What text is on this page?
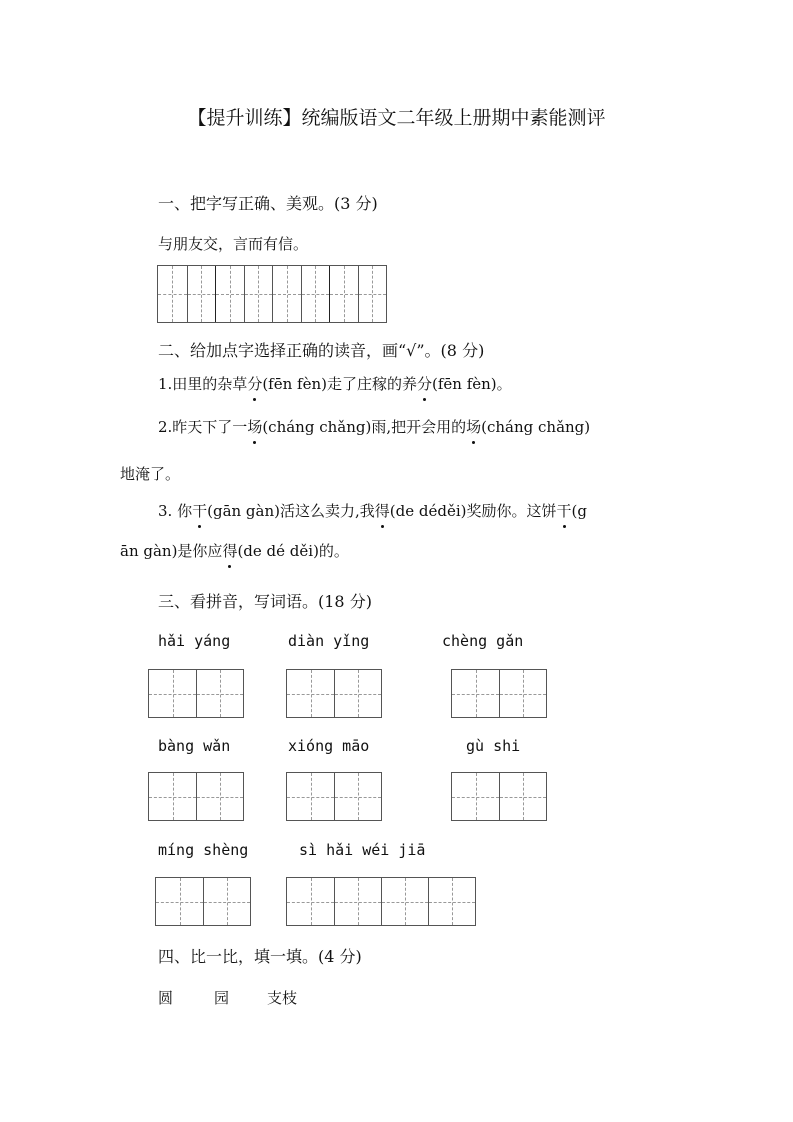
【提升训练】统编版语文二年级上册期中素能测评
一、把字写正确、美观。(3 分)
与朋友交，言而有信。
二、给加点字选择正确的读音，画“√”。(8 分)
1.田里的杂草分(fēn fèn)走了庄稼的养分(fēn fèn)。
2.昨天下了一场(cháng chǎng)雨,把开会用的场(cháng chǎng)
地淹了。
3. 你干(gān gàn)活这么卖力,我得(de déděi)奖励你。这饼干(g
ān gàn)是你应得(de dé děi)的。
三、看拼音，写词语。(18 分)
hǎi yáng	diàn yǐng	chèng gǎn
bàng wǎn	xióng māo	gù shi
míng shèng	sì hǎi wéi jiā
四、比一比，填一填。(4 分)
圆	园	支枝
